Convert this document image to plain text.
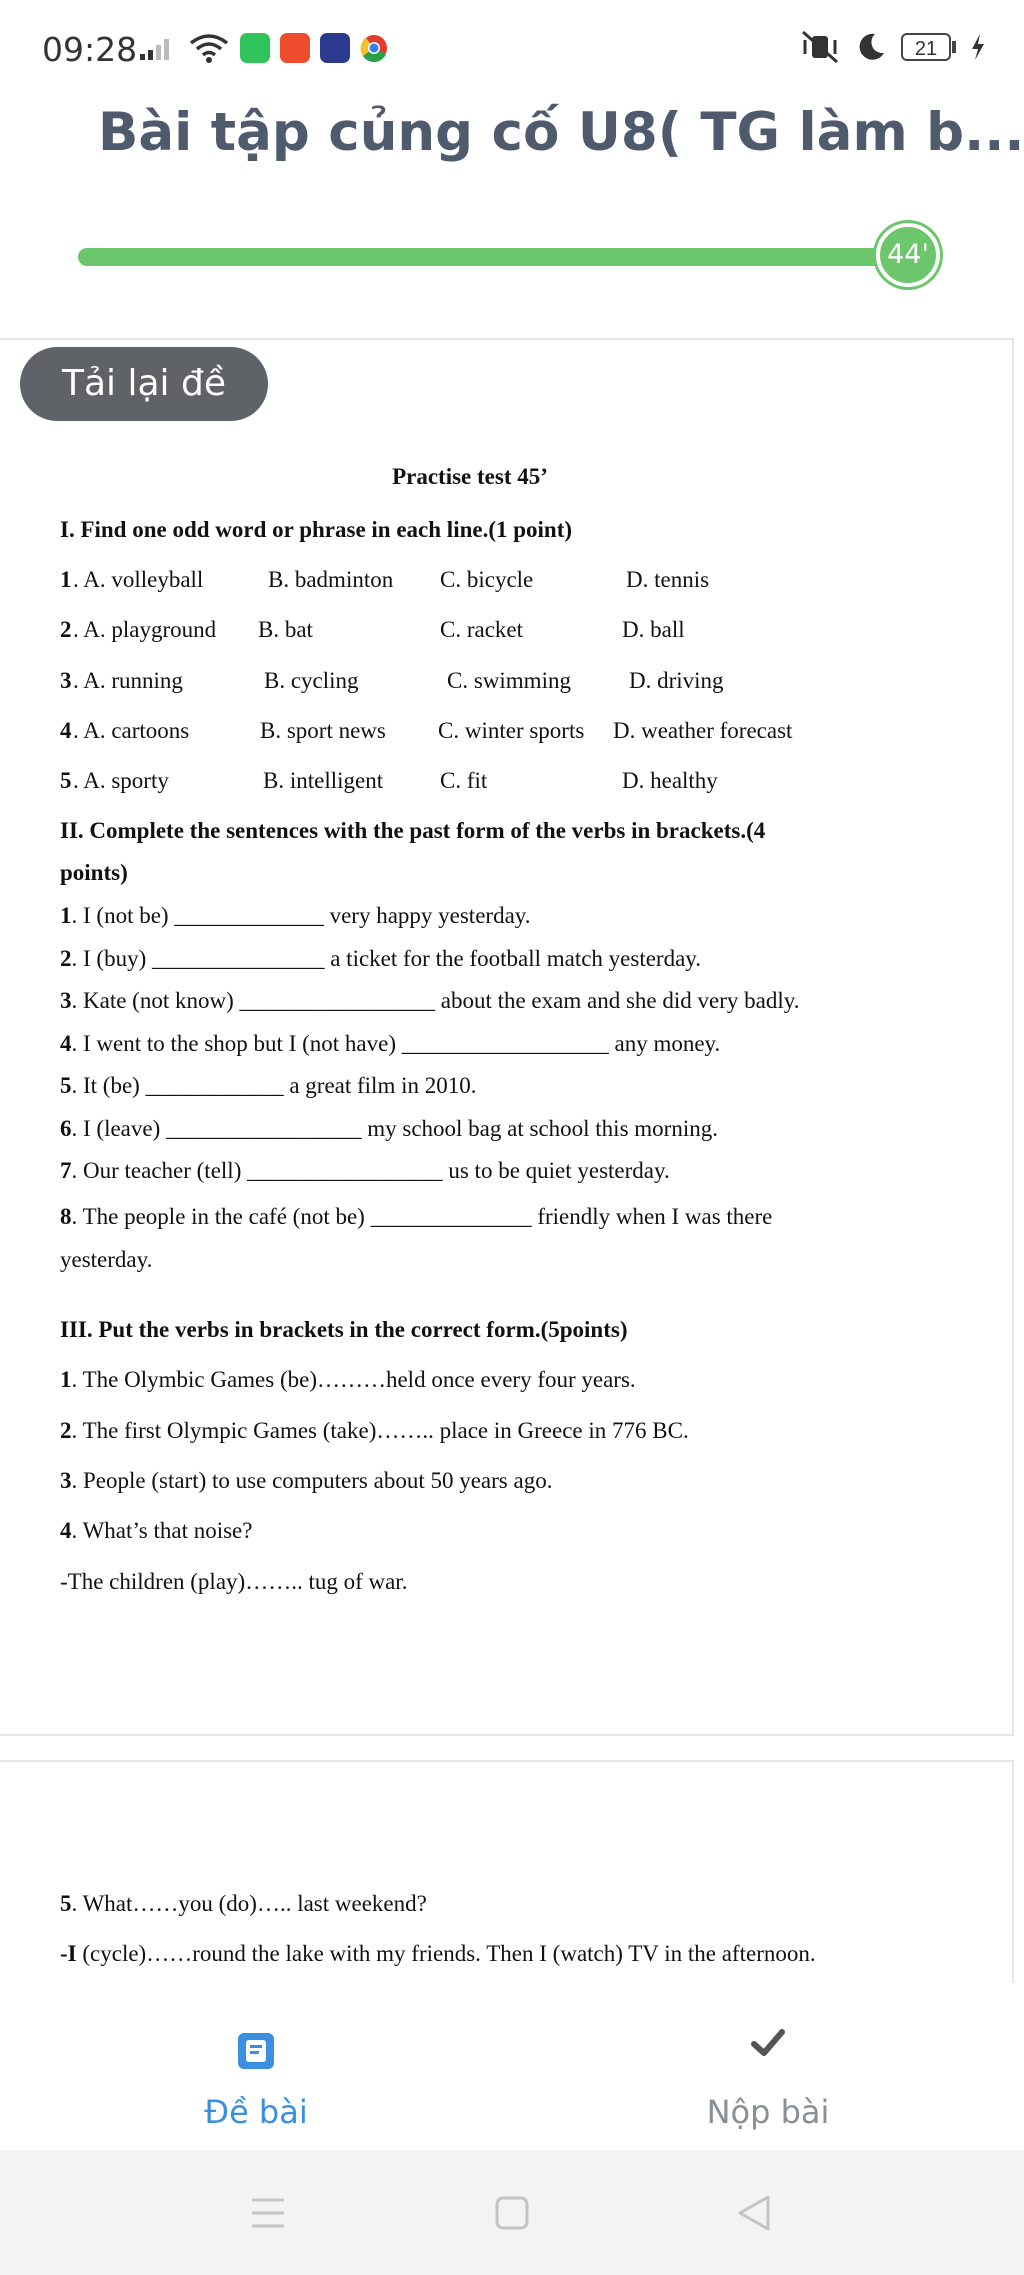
09:28	21
Bài tập củng cố U8( TG làm b...
44'
Tải lại đề
Practise test 45’
I. Find one odd word or phrase in each line.(1 point)
1 . A. volleyball	B. badminton C. bicycle	D. tennis
2 . A. playground B. bat	C. racket	D. ball
3 . A. running	B. cycling	C. swimming	D. driving
4 . A. cartoons	B. sport news C. winter sports D. weather forecast
5 . A. sporty	B. intelligent C. fit	D. healthy
II. Complete the sentences with the past form of the verbs in brackets.(4
points)
1. I (not be) _____________ very happy yesterday.
2. I (buy) _______________ a ticket for the football match yesterday.
3. Kate (not know) _________________ about the exam and she did very badly.
4. I went to the shop but I (not have) __________________ any money.
5. It (be) ____________ a great film in 2010.
6. I (leave) _________________ my school bag at school this morning.
7. Our teacher (tell) _________________ us to be quiet yesterday.
8. The people in the café (not be) ______________ friendly when I was there
yesterday.
III. Put the verbs in brackets in the correct form.(5points)
1. The Olymbic Games (be)………held once every four years.
2. The first Olympic Games (take)…….. place in Greece in 776 BC.
3. People (start) to use computers about 50 years ago.
4. What’s that noise?
-The children (play)…….. tug of war.
5. What……you (do)….. last weekend?
-I (cycle)……round the lake with my friends. Then I (watch) TV in the afternoon.
Đề bài	Nộp bài
